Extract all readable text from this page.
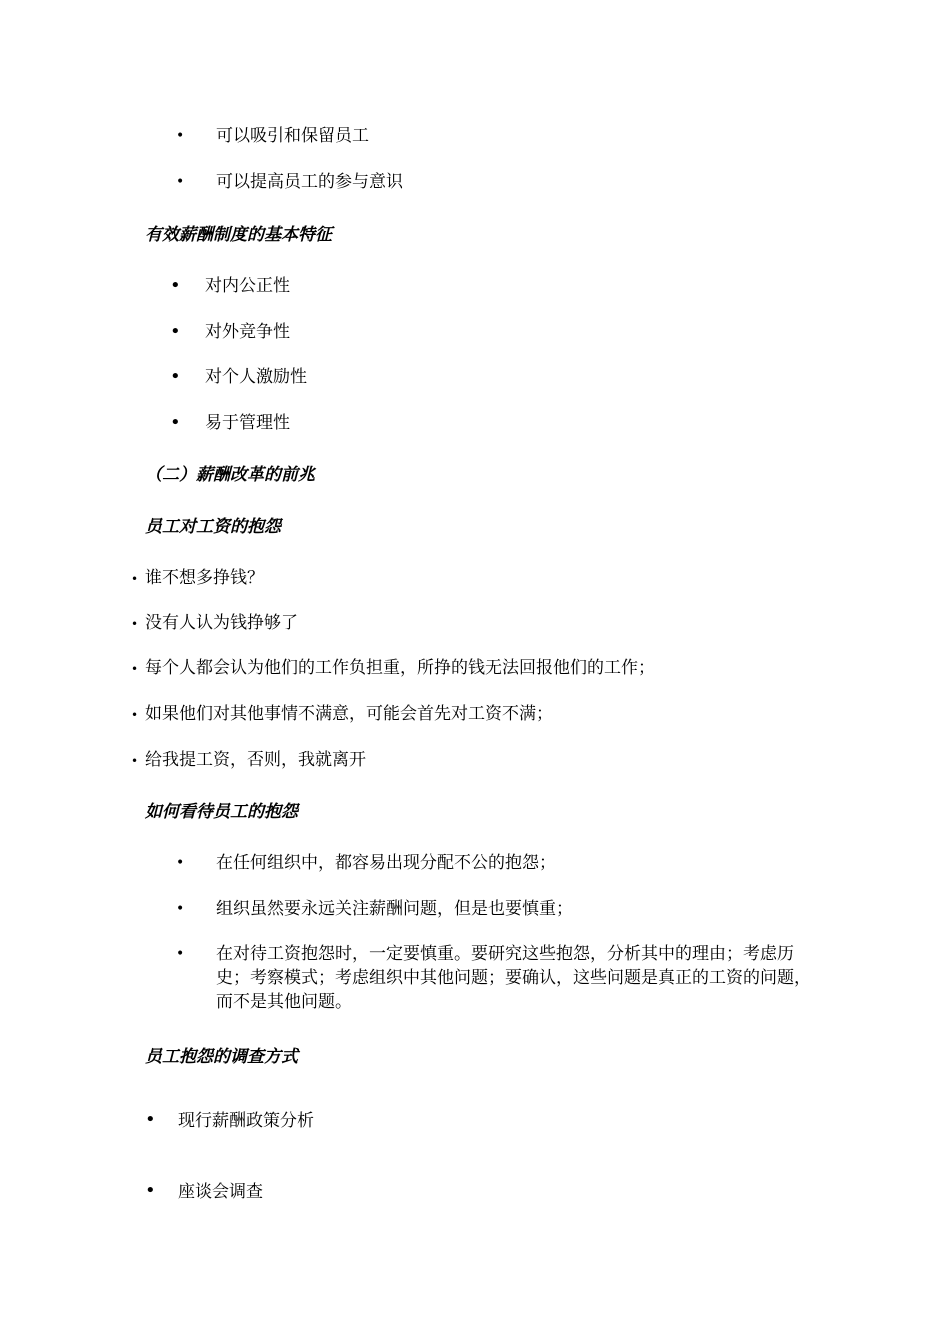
• 可以吸引和保留员工
• 可以提高员工的参与意识
有效薪酬制度的基本特征
• 对内公正性
• 对外竞争性
• 对个人激励性
• 易于管理性
（二）薪酬改革的前兆
员工对工资的抱怨
• 谁不想多挣钱？
• 没有人认为钱挣够了
• 每个人都会认为他们的工作负担重，所挣的钱无法回报他们的工作；
• 如果他们对其他事情不满意，可能会首先对工资不满；
• 给我提工资，否则，我就离开
如何看待员工的抱怨
• 在任何组织中，都容易出现分配不公的抱怨；
• 组织虽然要永远关注薪酬问题，但是也要慎重；
• 在对待工资抱怨时，一定要慎重。要研究这些抱怨，分析其中的理由；考虑历史；考察模式；考虑组织中其他问题；要确认，这些问题是真正的工资的问题，而不是其他问题。
员工抱怨的调查方式
• 现行薪酬政策分析
• 座谈会调查
